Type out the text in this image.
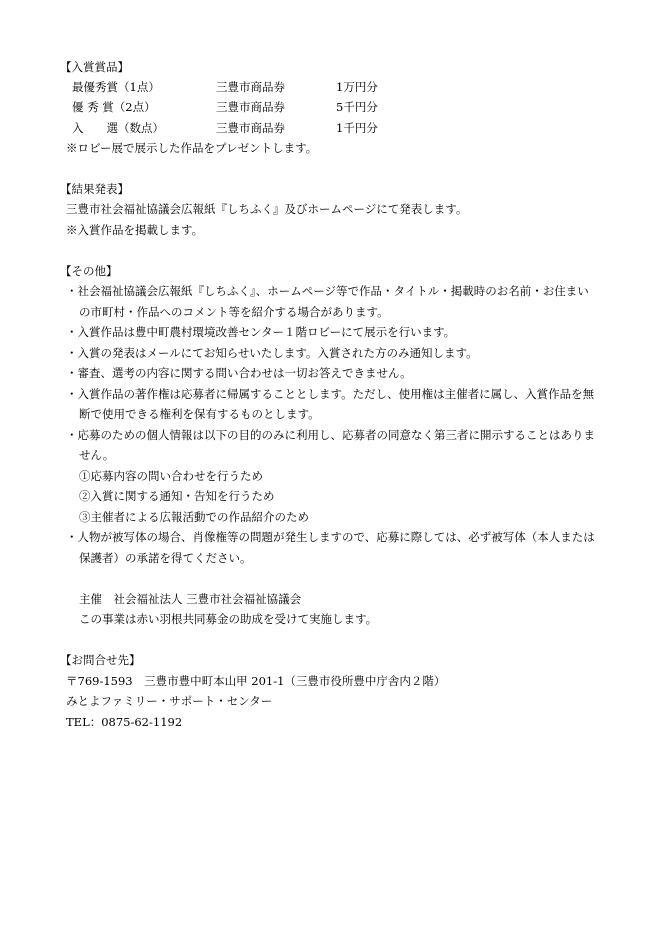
【入賞賞品】
最優秀賞（1点）	三豊市商品券	1万円分
優 秀 賞（2点）	三豊市商品券	5千円分
入　　選（数点）	三豊市商品券	1千円分
※ロビー展で展示した作品をプレゼントします。
【結果発表】
三豊市社会福祉協議会広報紙『しちふく』及びホームページにて発表します。
※入賞作品を掲載します。
【その他】
・社会福祉協議会広報紙『しちふく』、ホームページ等で作品・タイトル・掲載時のお名前・お住まい
の市町村・作品へのコメント等を紹介する場合があります。
・入賞作品は豊中町農村環境改善センター１階ロビーにて展示を行います。
・入賞の発表はメールにてお知らせいたします。入賞された方のみ通知します。
・審査、選考の内容に関する問い合わせは一切お答えできません。
・入賞作品の著作権は応募者に帰属することとします。ただし、使用権は主催者に属し、入賞作品を無
断で使用できる権利を保有するものとします。
・応募のための個人情報は以下の目的のみに利用し、応募者の同意なく第三者に開示することはありま
せん。
①応募内容の問い合わせを行うため
②入賞に関する通知・告知を行うため
③主催者による広報活動での作品紹介のため
・人物が被写体の場合、肖像権等の問題が発生しますので、応募に際しては、必ず被写体（本人または
保護者）の承諾を得てください。
主催　社会福祉法人 三豊市社会福祉協議会
この事業は赤い羽根共同募金の助成を受けて実施します。
【お問合せ先】
〒769-1593　三豊市豊中町本山甲 201-1（三豊市役所豊中庁舎内２階）
みとよファミリー・サポート・センター
TEL：0875-62-1192
